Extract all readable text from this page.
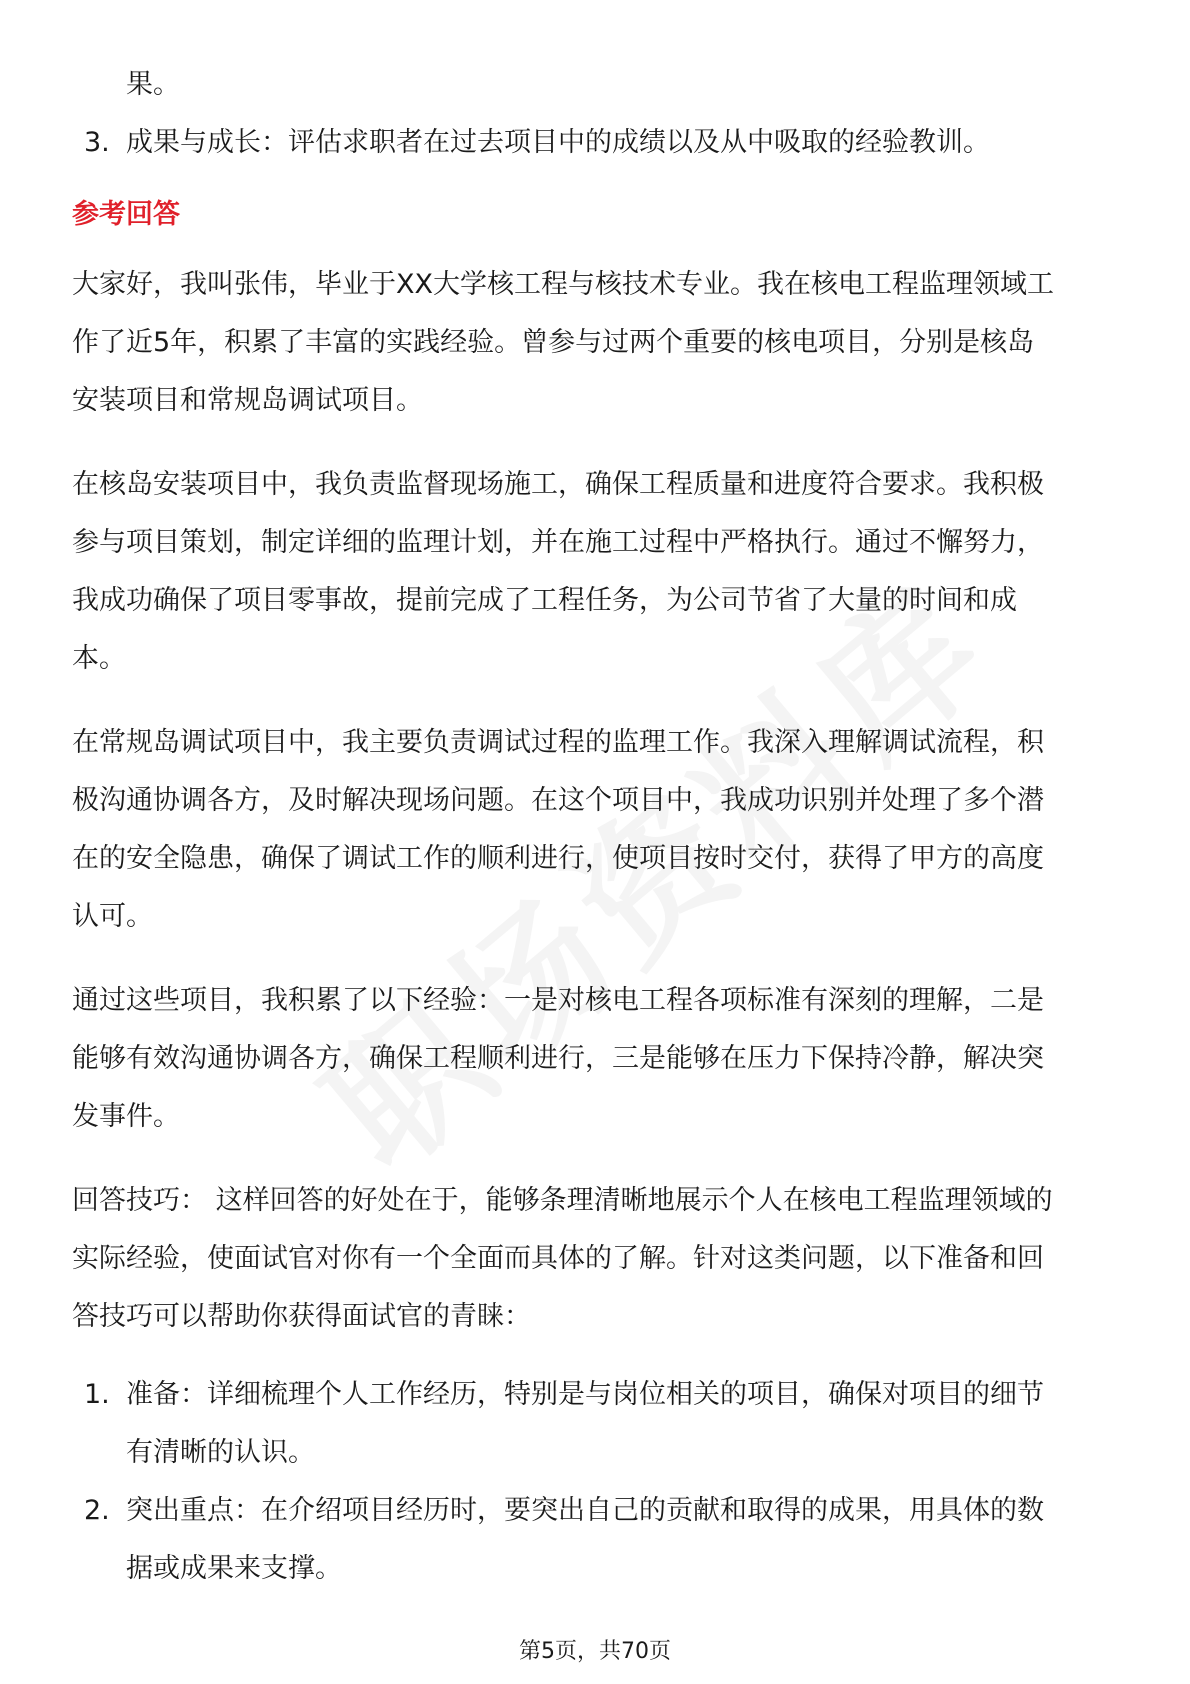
果。
3. 成果与成长：评估求职者在过去项目中的成绩以及从中吸取的经验教训。
参考回答
大家好，我叫张伟，毕业于XX大学核工程与核技术专业。我在核电工程监理领域工
作了近5年，积累了丰富的实践经验。曾参与过两个重要的核电项目，分别是核岛
安装项目和常规岛调试项目。
在核岛安装项目中，我负责监督现场施工，确保工程质量和进度符合要求。我积极
参与项目策划，制定详细的监理计划，并在施工过程中严格执行。通过不懈努力，
我成功确保了项目零事故，提前完成了工程任务，为公司节省了大量的时间和成
本。
在常规岛调试项目中，我主要负责调试过程的监理工作。我深入理解调试流程，积
极沟通协调各方，及时解决现场问题。在这个项目中，我成功识别并处理了多个潜
在的安全隐患，确保了调试工作的顺利进行，使项目按时交付，获得了甲方的高度
认可。
通过这些项目，我积累了以下经验：一是对核电工程各项标准有深刻的理解，二是
能够有效沟通协调各方，确保工程顺利进行，三是能够在压力下保持冷静，解决突
发事件。
回答技巧： 这样回答的好处在于，能够条理清晰地展示个人在核电工程监理领域的
实际经验，使面试官对你有一个全面而具体的了解。针对这类问题，以下准备和回
答技巧可以帮助你获得面试官的青睐：
1. 准备：详细梳理个人工作经历，特别是与岗位相关的项目，确保对项目的细节
有清晰的认识。
2. 突出重点：在介绍项目经历时，要突出自己的贡献和取得的成果，用具体的数
据或成果来支撑。
第5页，共70页
